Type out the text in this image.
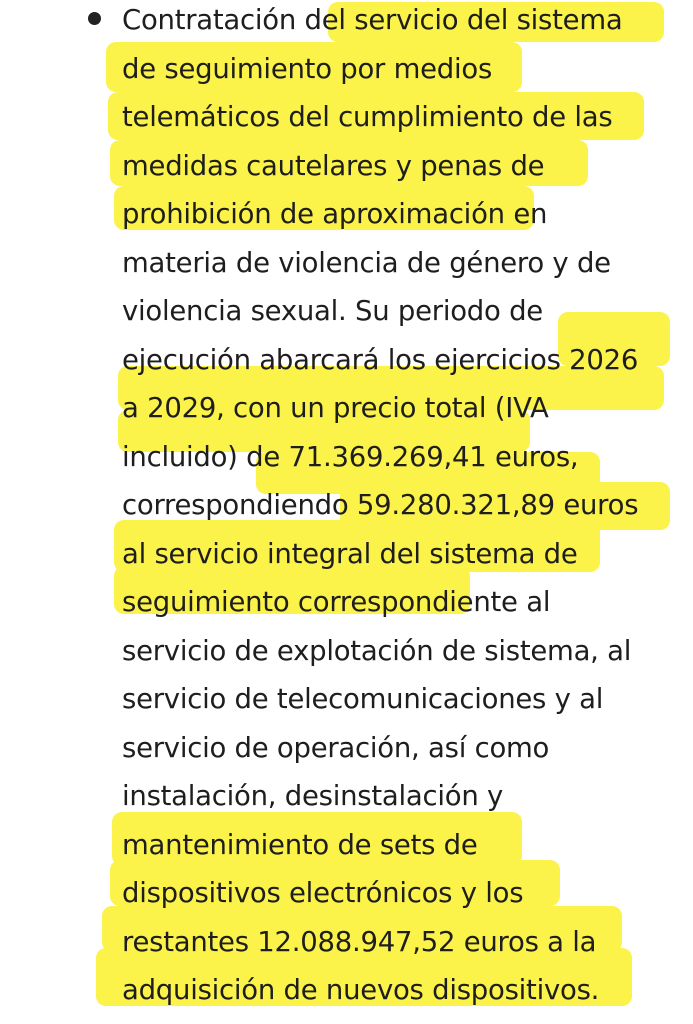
Contratación del servicio del sistema
de seguimiento por medios
telemáticos del cumplimiento de las
medidas cautelares y penas de
prohibición de aproximación en
materia de violencia de género y de
violencia sexual. Su periodo de
ejecución abarcará los ejercicios 2026
a 2029, con un precio total (IVA
incluido) de 71.369.269,41 euros,
correspondiendo 59.280.321,89 euros
al servicio integral del sistema de
seguimiento correspondiente al
servicio de explotación de sistema, al
servicio de telecomunicaciones y al
servicio de operación, así como
instalación, desinstalación y
mantenimiento de sets de
dispositivos electrónicos y los
restantes 12.088.947,52 euros a la
adquisición de nuevos dispositivos.
